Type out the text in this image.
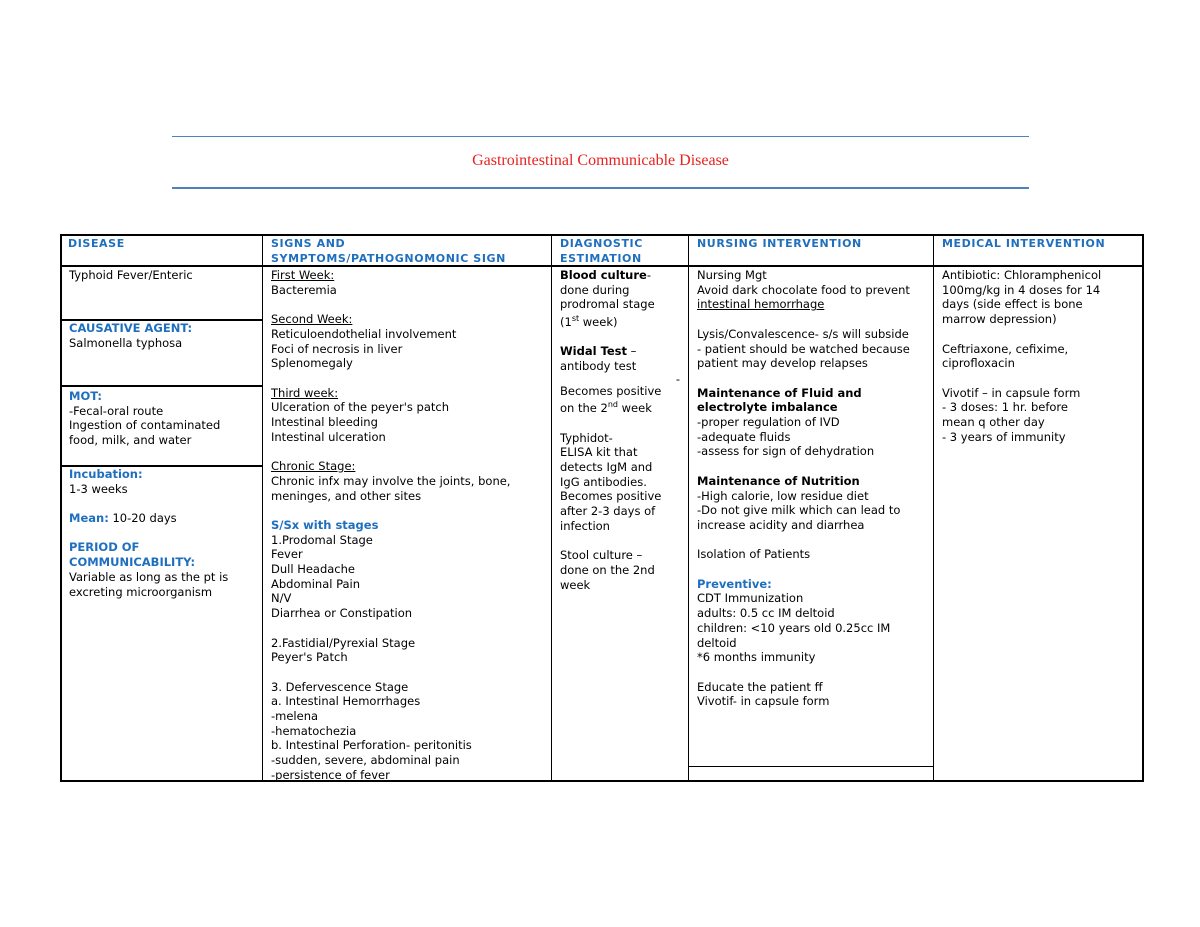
Gastrointestinal Communicable Disease
DISEASE	SIGNS AND
SYMPTOMS/PATHOGNOMONIC SIGN
DIAGNOSTIC
ESTIMATION
NURSING INTERVENTION	MEDICAL INTERVENTION
Typhoid Fever/Enteric
CAUSATIVE AGENT:
Salmonella typhosa
MOT:
-Fecal-oral route
Ingestion of contaminated
food, milk, and water
Incubation:
1-3 weeks
Mean: 10-20 days
PERIOD OF
COMMUNICABILITY:
Variable as long as the pt is
excreting microorganism
First Week:
Bacteremia
Second Week:
Reticuloendothelial involvement
Foci of necrosis in liver
Splenomegaly
Third week:
Ulceration of the peyer's patch
Intestinal bleeding
Intestinal ulceration
Chronic Stage:
Chronic infx may involve the joints, bone,
meninges, and other sites
S/Sx with stages
1.Prodomal Stage
Fever
Dull Headache
Abdominal Pain
N/V
Diarrhea or Constipation
2.Fastidial/Pyrexial Stage
Peyer's Patch
3. Defervescence Stage
a. Intestinal Hemorrhages
-melena
-hematochezia
b. Intestinal Perforation- peritonitis
-sudden, severe, abdominal pain
-persistence of fever
Blood culture-
done during
prodromal stage
(1st week)
Widal Test –
antibody test
-
Becomes positive
on the 2nd week
Typhidot-
ELISA kit that
detects IgM and
IgG antibodies.
Becomes positive
after 2-3 days of
infection
Stool culture –
done on the 2nd
week
Nursing Mgt
Avoid dark chocolate food to prevent
intestinal hemorrhage
Lysis/Convalescence- s/s will subside
- patient should be watched because
patient may develop relapses
Maintenance of Fluid and
electrolyte imbalance
-proper regulation of IVD
-adequate fluids
-assess for sign of dehydration
Maintenance of Nutrition
-High calorie, low residue diet
-Do not give milk which can lead to
increase acidity and diarrhea
Isolation of Patients
Preventive:
CDT Immunization
adults: 0.5 cc IM deltoid
children: <10 years old 0.25cc IM
deltoid
*6 months immunity
Educate the patient ff
Vivotif- in capsule form
Antibiotic: Chloramphenicol
100mg/kg in 4 doses for 14
days (side effect is bone
marrow depression)
Ceftriaxone, cefixime,
ciprofloxacin
Vivotif – in capsule form
- 3 doses: 1 hr. before
mean q other day
- 3 years of immunity
